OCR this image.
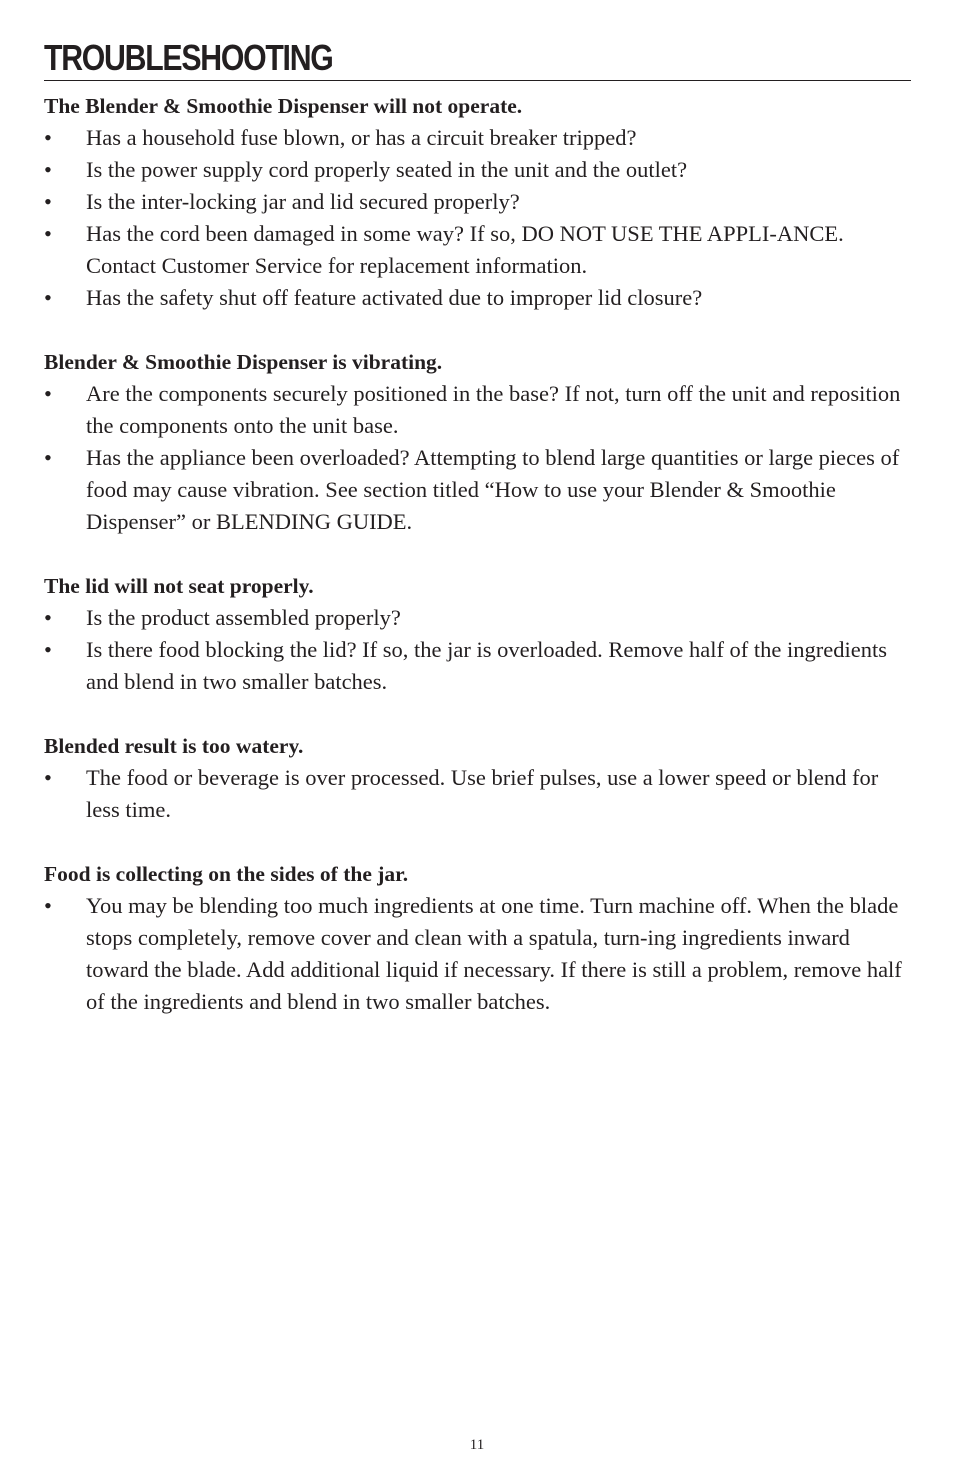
TROUBLESHOOTING

The Blender & Smoothie Dispenser will not operate.

•	Has a household fuse blown, or has a circuit breaker tripped?
•	Is the power supply cord properly seated in the unit and the outlet?
•	Is the inter-locking jar and lid secured properly?
•	Has the cord been damaged in some way? If so, DO NOT USE THE APPLI-ANCE. Contact Customer Service for replacement information.
•	Has the safety shut off feature activated due to improper lid closure?

Blender & Smoothie Dispenser is vibrating.

•	Are the components securely positioned in the base? If not, turn off the unit and reposition the components onto the unit base.
•	Has the appliance been overloaded? Attempting to blend large quantities or large pieces of food may cause vibration. See section titled “How to use your Blender & Smoothie Dispenser” or BLENDING GUIDE.

The lid will not seat properly.

•	Is the product assembled properly?
•	Is there food blocking the lid? If so, the jar is overloaded. Remove half of the ingredients and blend in two smaller batches.

Blended result is too watery.

•	The food or beverage is over processed. Use brief pulses, use a lower speed or blend for less time.

Food is collecting on the sides of the jar.

•	You may be blending too much ingredients at one time. Turn machine off. When the blade stops completely, remove cover and clean with a spatula, turn-ing ingredients inward toward the blade. Add additional liquid if necessary. If there is still a problem, remove half of the ingredients and blend in two smaller batches.
11
